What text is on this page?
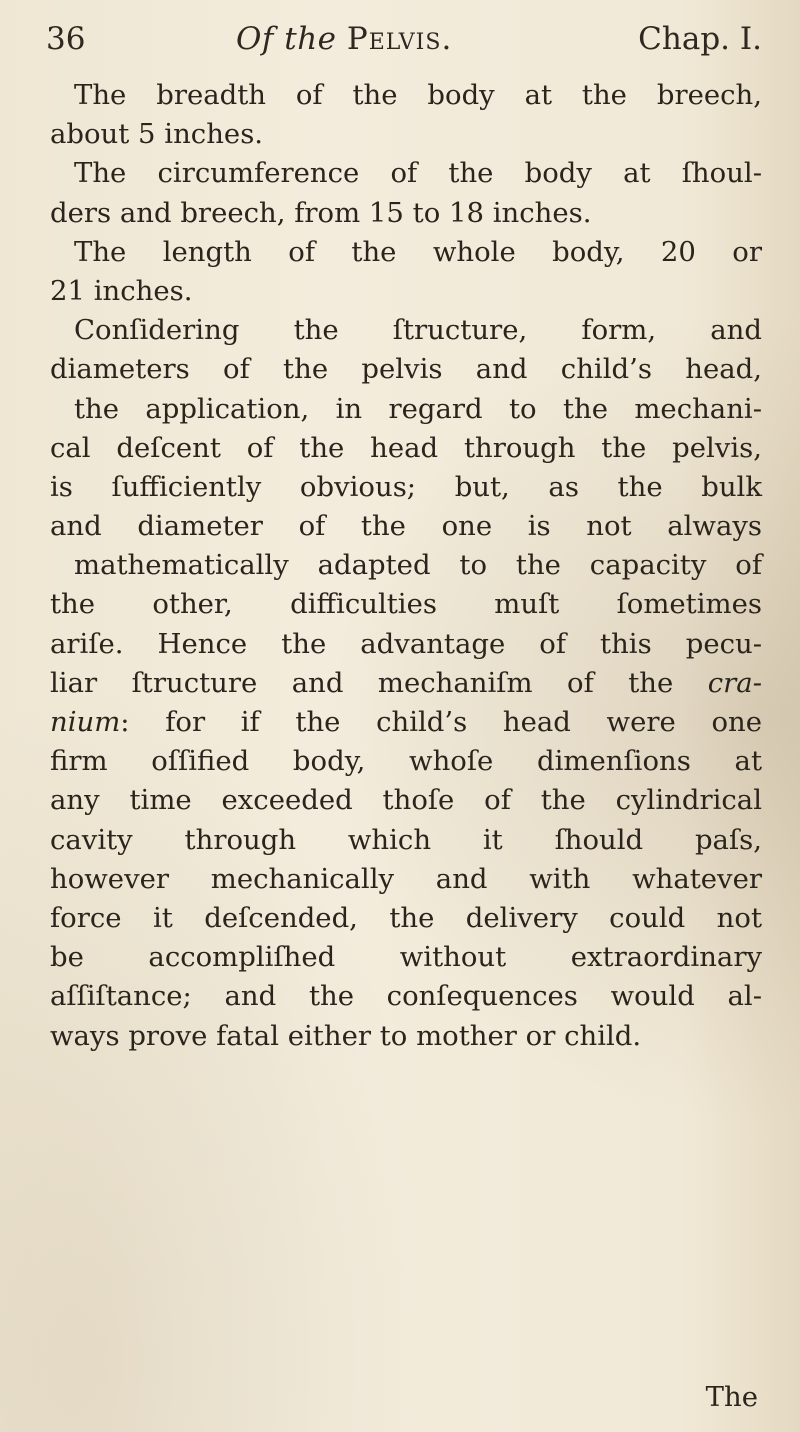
36	Of the Pelvis.	Chap. I.
The breadth of the body at the breech,
about 5 inches.
The circumference of the body at ſhoul-
ders and breech, from 15 to 18 inches.
The length of the whole body, 20 or
21 inches.
Conſidering the ſtructure, form, and
diameters of the pelvis and child’s head,
the application, in regard to the mechani-
cal deſcent of the head through the pelvis,
is ſufficiently obvious; but, as the bulk
and diameter of the one is not always
mathematically adapted to the capacity of
the other, difficulties muſt ſometimes
ariſe. Hence the advantage of this pecu-
liar ſtructure and mechaniſm of the cra-
nium: for if the child’s head were one
firm oſſified body, whoſe dimenſions at
any time exceeded thoſe of the cylindrical
cavity through which it ſhould paſs,
however mechanically and with whatever
force it deſcended, the delivery could not
be accompliſhed without extraordinary
aſſiſtance; and the conſequences would al-
ways prove fatal either to mother or child.
The
